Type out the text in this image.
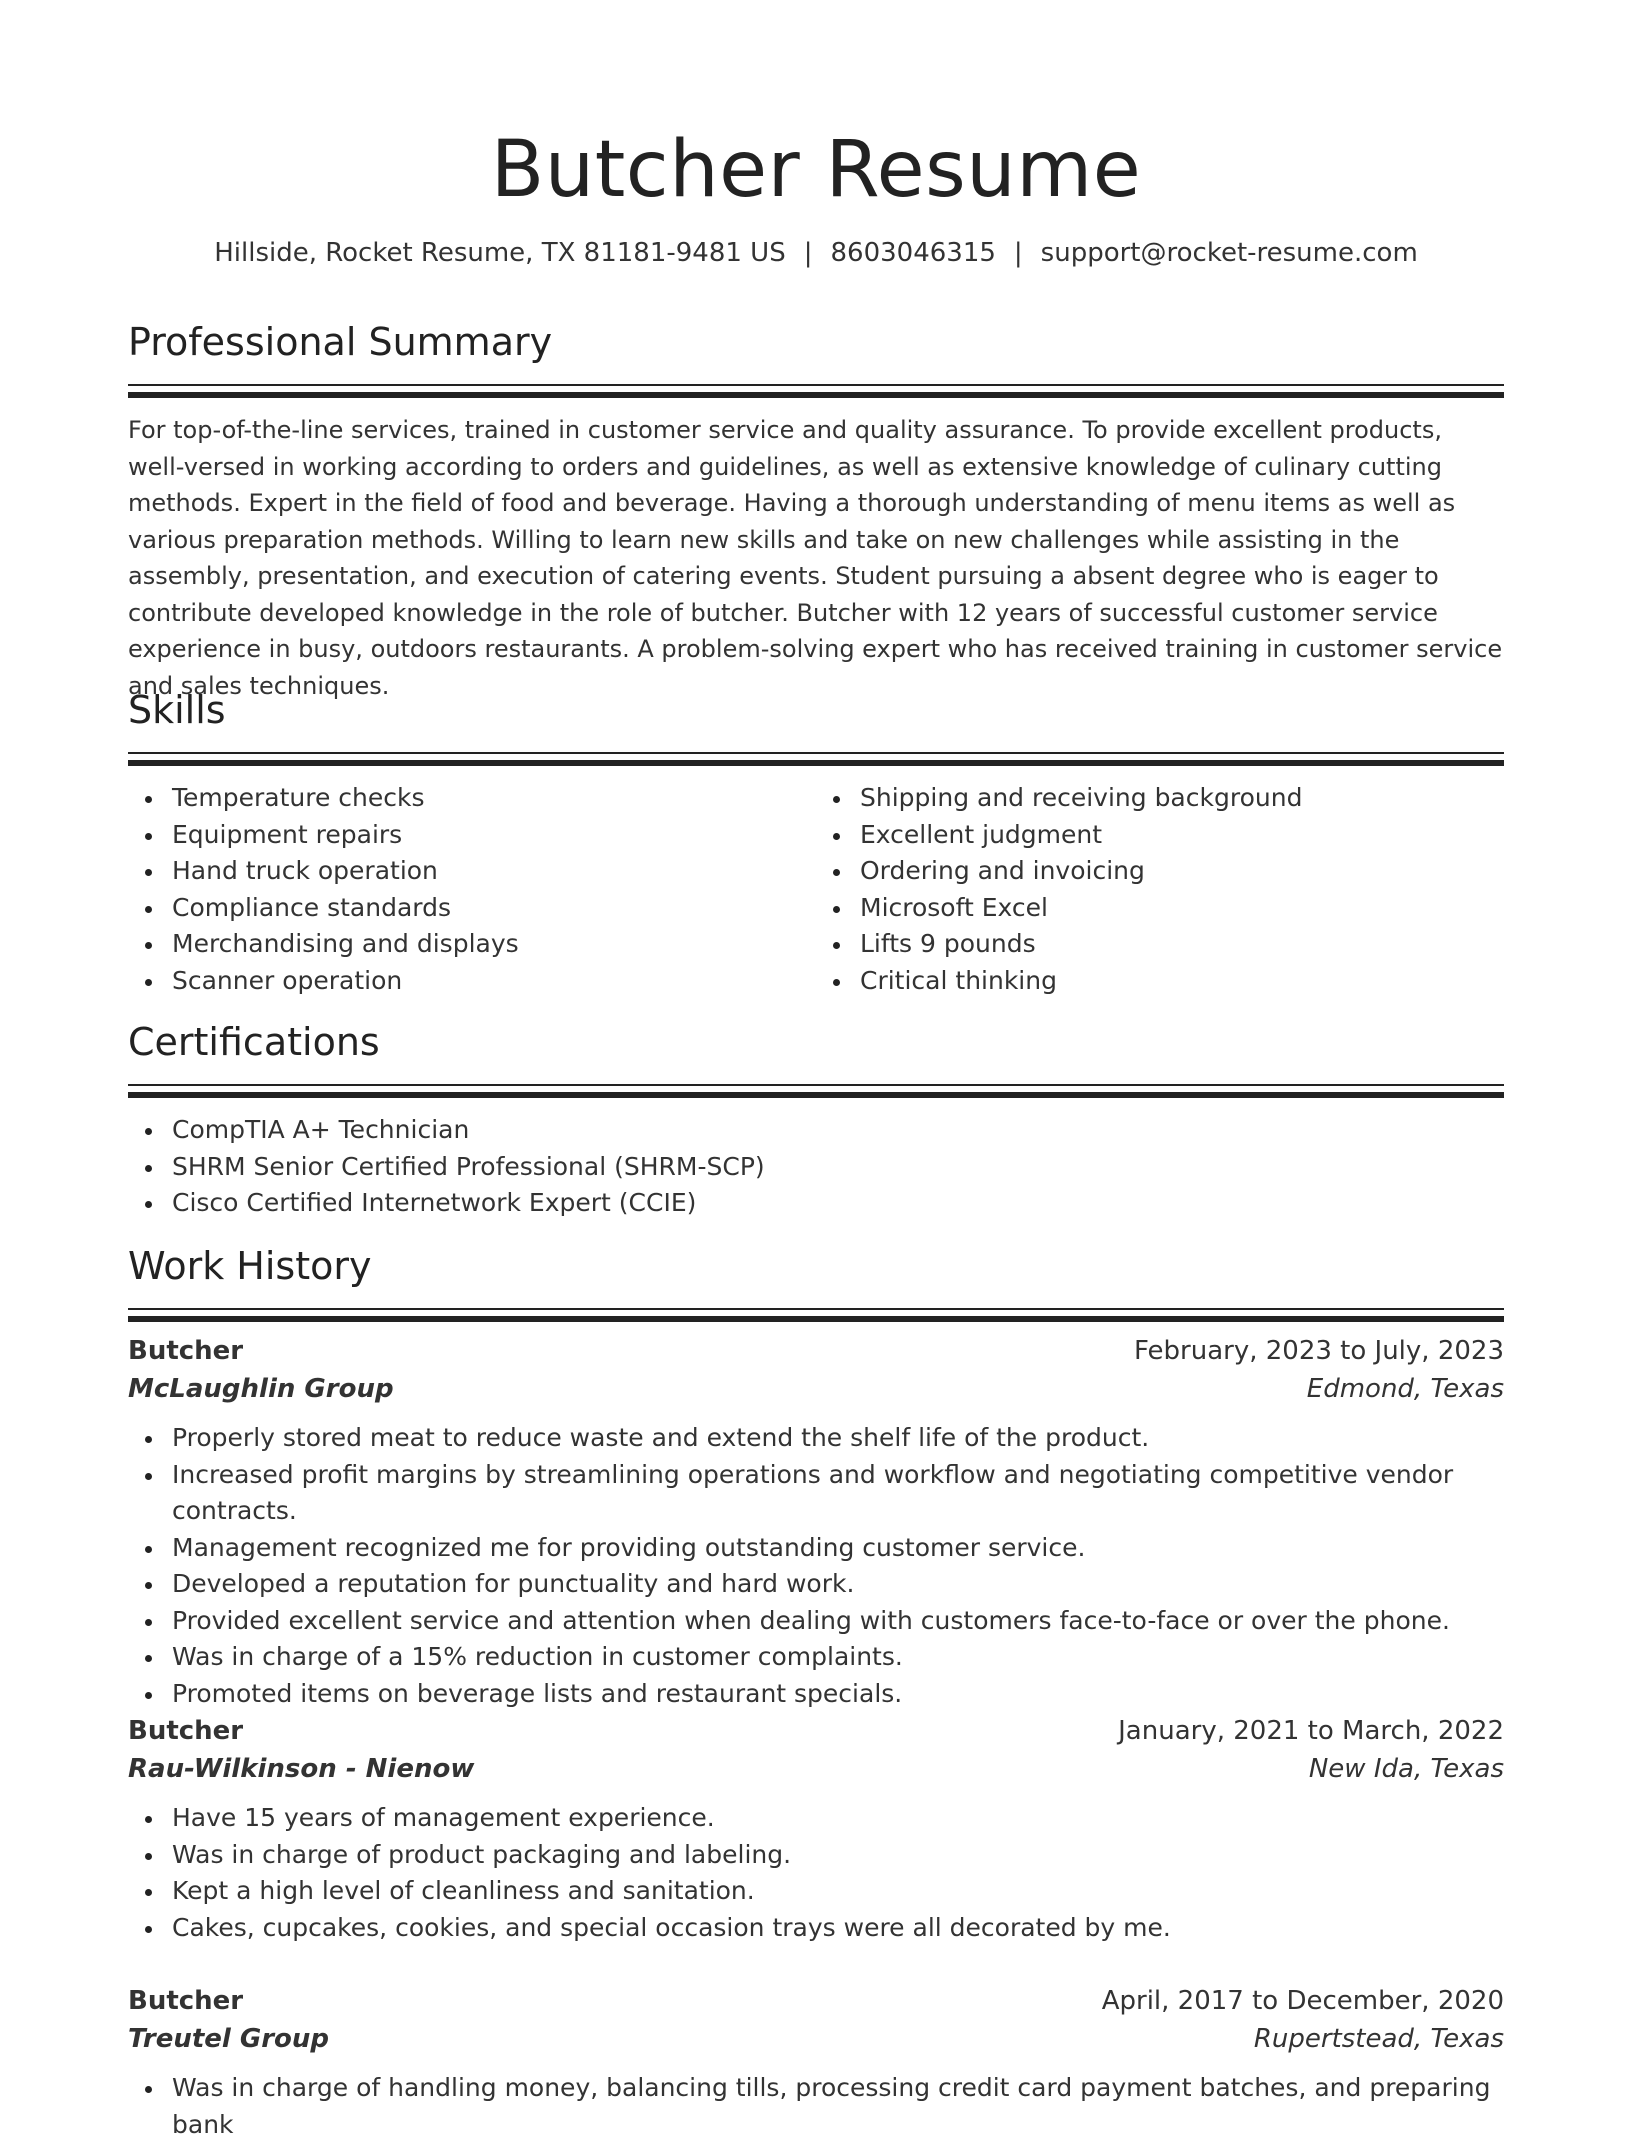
Butcher Resume
Hillside, Rocket Resume, TX 81181-9481 US | 8603046315 | support@rocket-resume.com
Professional Summary
For top-of-the-line services, trained in customer service and quality assurance. To provide excellent products, well-versed in working according to orders and guidelines, as well as extensive knowledge of culinary cutting methods. Expert in the field of food and beverage. Having a thorough understanding of menu items as well as various preparation methods. Willing to learn new skills and take on new challenges while assisting in the assembly, presentation, and execution of catering events. Student pursuing a absent degree who is eager to contribute developed knowledge in the role of butcher. Butcher with 12 years of successful customer service experience in busy, outdoors restaurants. A problem-solving expert who has received training in customer service and sales techniques.
Skills
Temperature checks
Equipment repairs
Hand truck operation
Compliance standards
Merchandising and displays
Scanner operation
Shipping and receiving background
Excellent judgment
Ordering and invoicing
Microsoft Excel
Lifts 9 pounds
Critical thinking
Certifications
CompTIA A+ Technician
SHRM Senior Certified Professional (SHRM-SCP)
Cisco Certified Internetwork Expert (CCIE)
Work History
Butcher	February, 2023 to July, 2023
McLaughlin Group	Edmond, Texas
Properly stored meat to reduce waste and extend the shelf life of the product.
Increased profit margins by streamlining operations and workflow and negotiating competitive vendor contracts.
Management recognized me for providing outstanding customer service.
Developed a reputation for punctuality and hard work.
Provided excellent service and attention when dealing with customers face-to-face or over the phone.
Was in charge of a 15% reduction in customer complaints.
Promoted items on beverage lists and restaurant specials.
Butcher	January, 2021 to March, 2022
Rau-Wilkinson - Nienow	New Ida, Texas
Have 15 years of management experience.
Was in charge of product packaging and labeling.
Kept a high level of cleanliness and sanitation.
Cakes, cupcakes, cookies, and special occasion trays were all decorated by me.
Butcher	April, 2017 to December, 2020
Treutel Group	Rupertstead, Texas
Was in charge of handling money, balancing tills, processing credit card payment batches, and preparing bank
